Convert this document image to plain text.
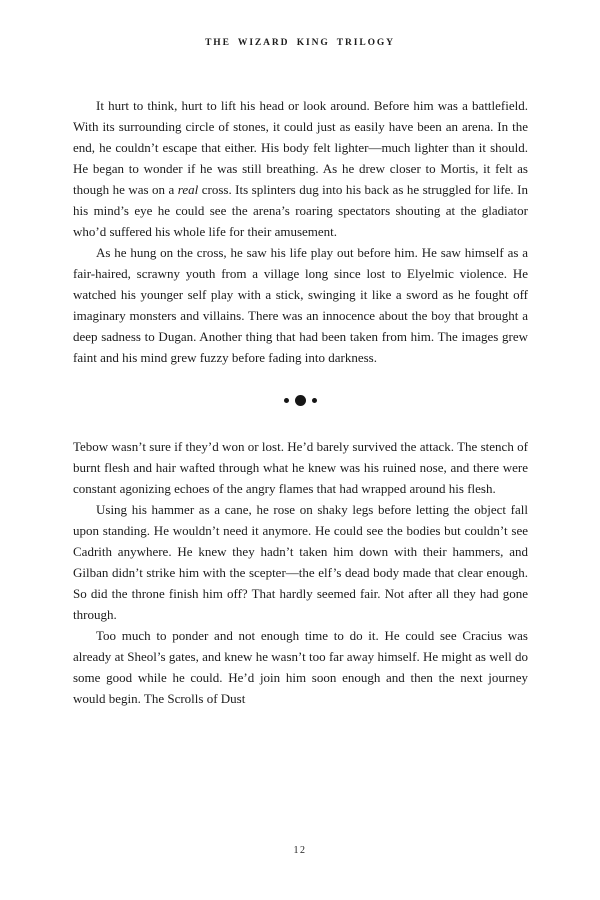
THE WIZARD KING TRILOGY

It hurt to think, hurt to lift his head or look around. Before him was a battlefield. With its surrounding circle of stones, it could just as easily have been an arena. In the end, he couldn’t escape that either. His body felt lighter—much lighter than it should. He began to wonder if he was still breathing. As he drew closer to Mortis, it felt as though he was on a real cross. Its splinters dug into his back as he struggled for life. In his mind’s eye he could see the arena’s roaring spectators shouting at the gladiator who’d suffered his whole life for their amusement.

As he hung on the cross, he saw his life play out before him. He saw himself as a fair-haired, scrawny youth from a village long since lost to Elyelmic violence. He watched his younger self play with a stick, swinging it like a sword as he fought off imaginary monsters and villains. There was an innocence about the boy that brought a deep sadness to Dugan. Another thing that had been taken from him. The images grew faint and his mind grew fuzzy before fading into darkness.

Tebow wasn’t sure if they’d won or lost. He’d barely survived the attack. The stench of burnt flesh and hair wafted through what he knew was his ruined nose, and there were constant agonizing echoes of the angry flames that had wrapped around his flesh.

Using his hammer as a cane, he rose on shaky legs before letting the object fall upon standing. He wouldn’t need it anymore. He could see the bodies but couldn’t see Cadrith anywhere. He knew they hadn’t taken him down with their hammers, and Gilban didn’t strike him with the scepter—the elf’s dead body made that clear enough. So did the throne finish him off? That hardly seemed fair. Not after all they had gone through.

Too much to ponder and not enough time to do it. He could see Cracius was already at Sheol’s gates, and knew he wasn’t too far away himself. He might as well do some good while he could. He’d join him soon enough and then the next journey would begin. The Scrolls of Dust

12
